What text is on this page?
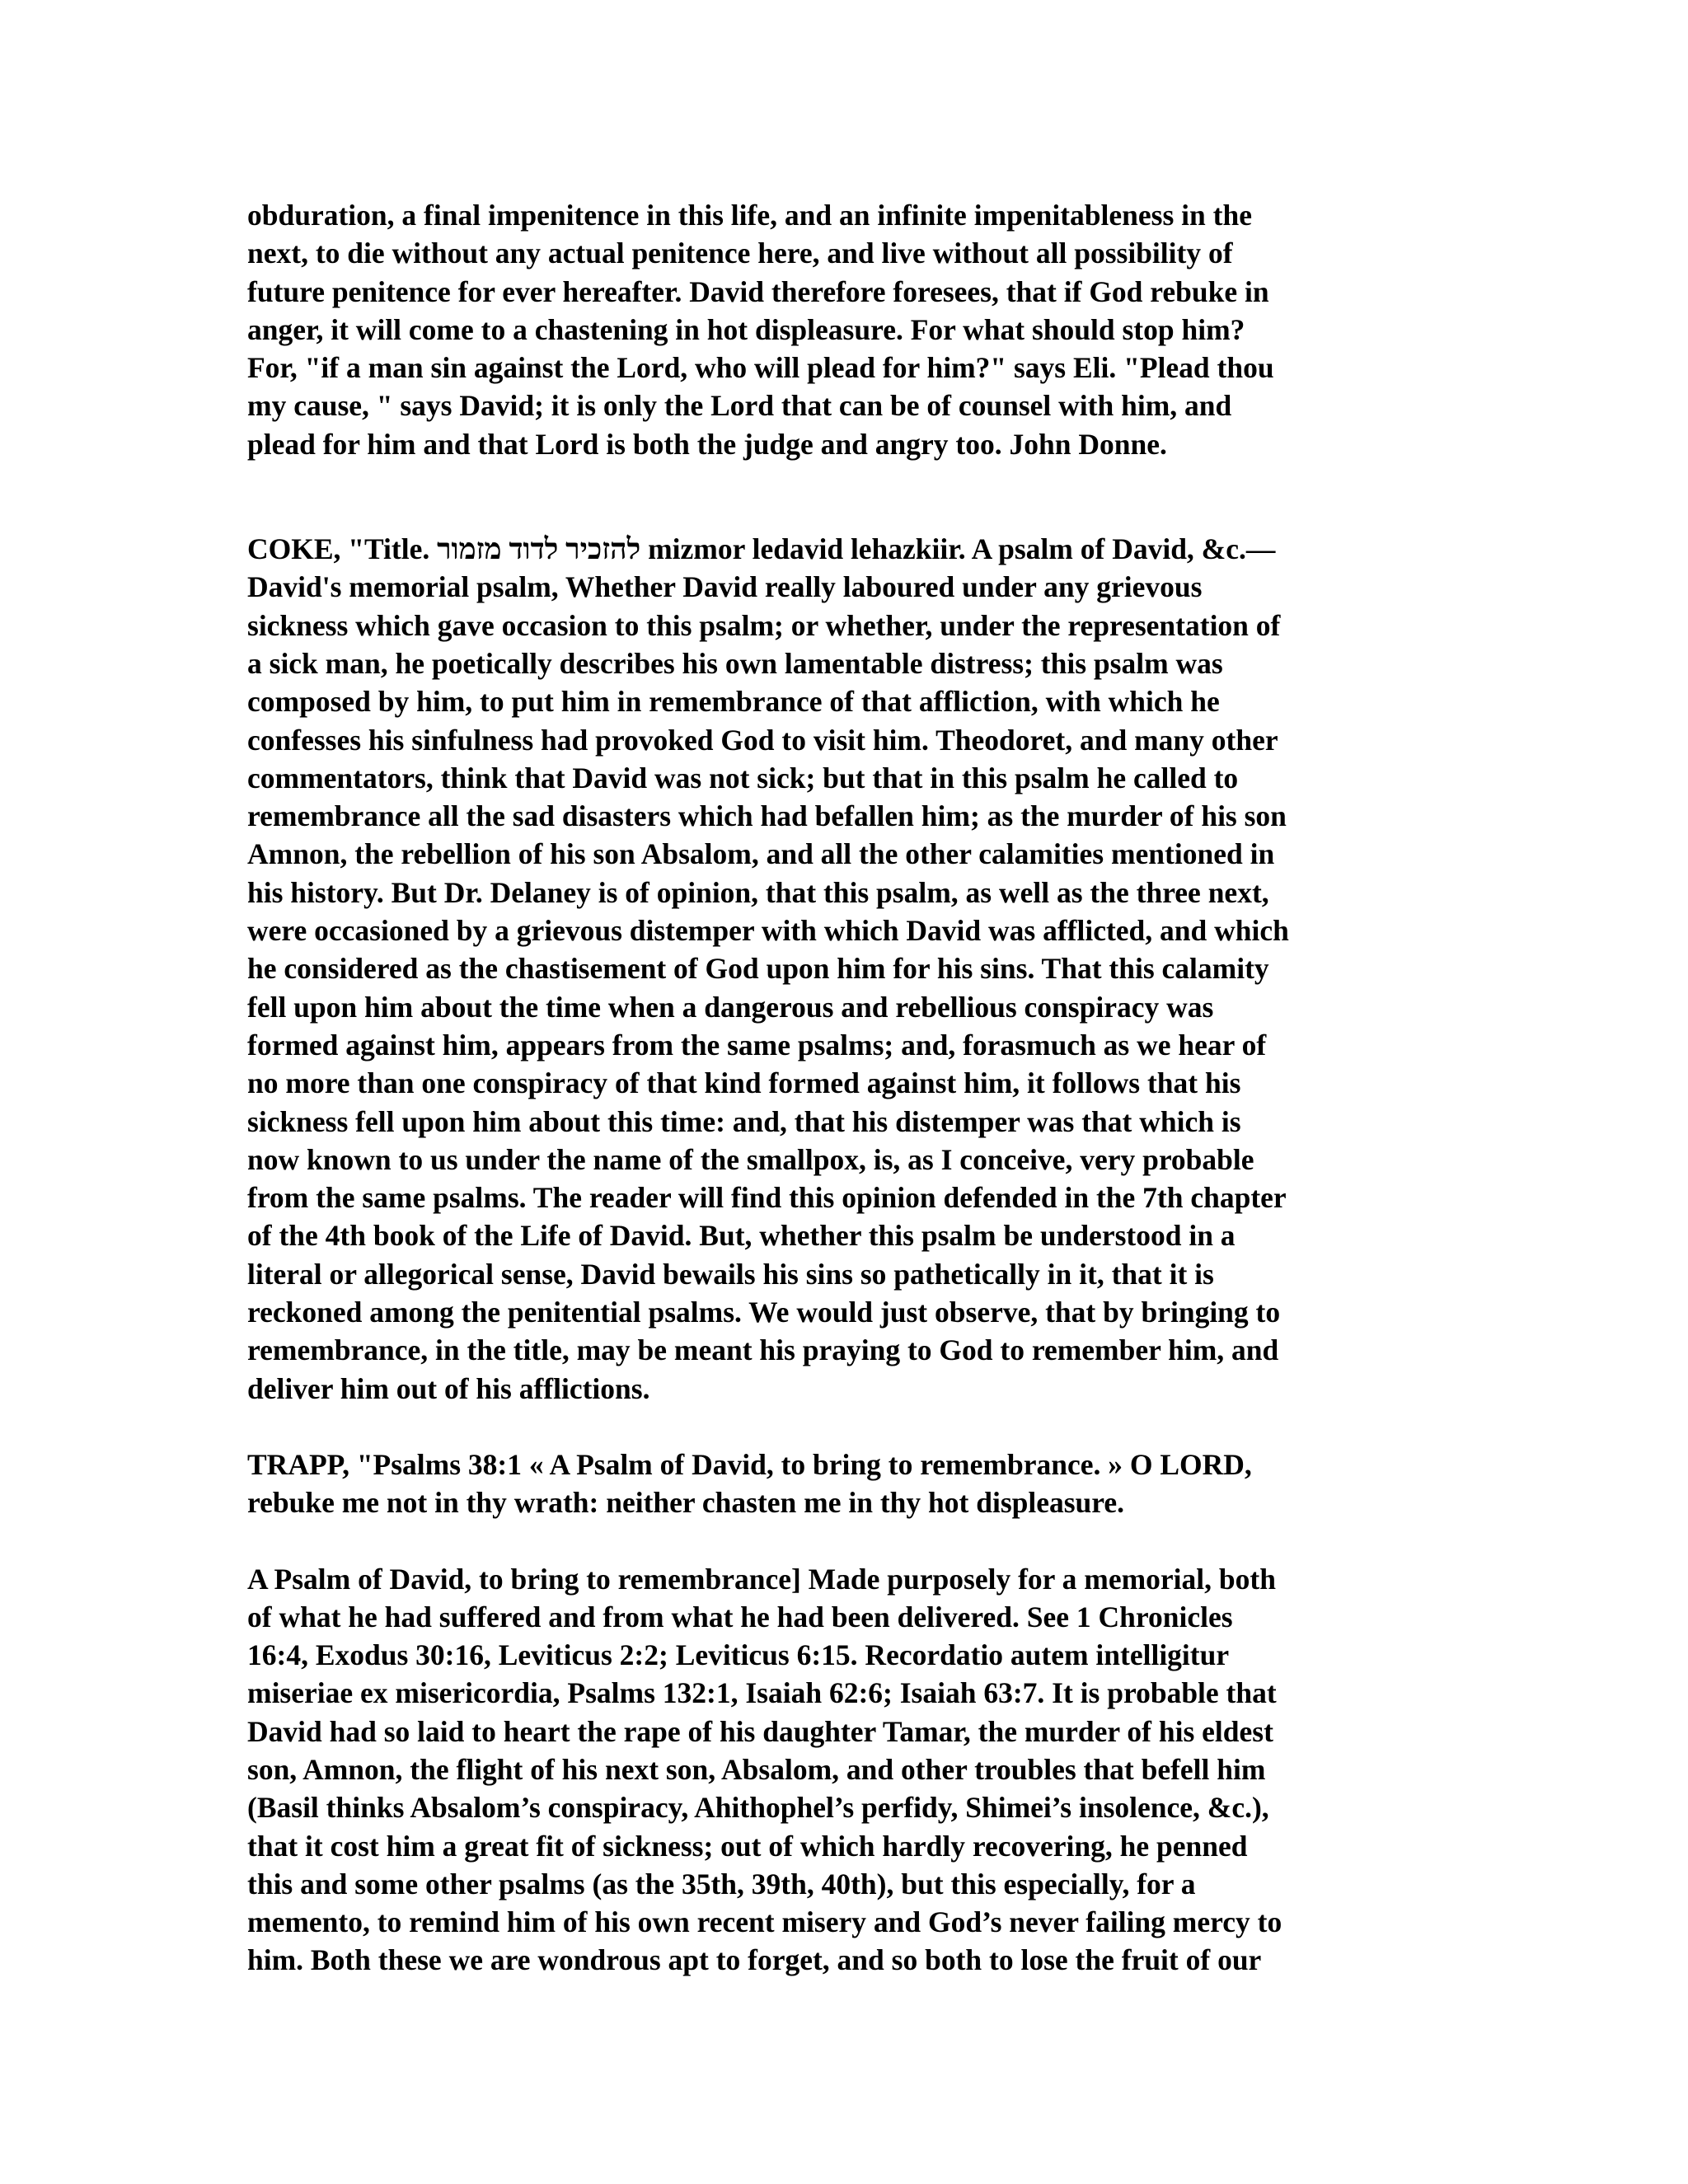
obduration, a final impenitence in this life, and an infinite impenitableness in the
next, to die without any actual penitence here, and live without all possibility of
future penitence for ever hereafter. David therefore foresees, that if God rebuke in
anger, it will come to a chastening in hot displeasure. For what should stop him?
For, "if a man sin against the Lord, who will plead for him?" says Eli. "Plead thou
my cause, " says David; it is only the Lord that can be of counsel with him, and
plead for him and that Lord is both the judge and angry too. John Donne.
COKE, "Title. להזכיר לדוד מזמור mizmor ledavid lehazkiir. A psalm of David, &c.—
David's memorial psalm, Whether David really laboured under any grievous
sickness which gave occasion to this psalm; or whether, under the representation of
a sick man, he poetically describes his own lamentable distress; this psalm was
composed by him, to put him in remembrance of that affliction, with which he
confesses his sinfulness had provoked God to visit him. Theodoret, and many other
commentators, think that David was not sick; but that in this psalm he called to
remembrance all the sad disasters which had befallen him; as the murder of his son
Amnon, the rebellion of his son Absalom, and all the other calamities mentioned in
his history. But Dr. Delaney is of opinion, that this psalm, as well as the three next,
were occasioned by a grievous distemper with which David was afflicted, and which
he considered as the chastisement of God upon him for his sins. That this calamity
fell upon him about the time when a dangerous and rebellious conspiracy was
formed against him, appears from the same psalms; and, forasmuch as we hear of
no more than one conspiracy of that kind formed against him, it follows that his
sickness fell upon him about this time: and, that his distemper was that which is
now known to us under the name of the smallpox, is, as I conceive, very probable
from the same psalms. The reader will find this opinion defended in the 7th chapter
of the 4th book of the Life of David. But, whether this psalm be understood in a
literal or allegorical sense, David bewails his sins so pathetically in it, that it is
reckoned among the penitential psalms. We would just observe, that by bringing to
remembrance, in the title, may be meant his praying to God to remember him, and
deliver him out of his afflictions.
TRAPP, "Psalms 38:1 « A Psalm of David, to bring to remembrance. » O LORD,
rebuke me not in thy wrath: neither chasten me in thy hot displeasure.
A Psalm of David, to bring to remembrance] Made purposely for a memorial, both
of what he had suffered and from what he had been delivered. See 1 Chronicles
16:4, Exodus 30:16, Leviticus 2:2; Leviticus 6:15. Recordatio autem intelligitur
miseriae ex misericordia, Psalms 132:1, Isaiah 62:6; Isaiah 63:7. It is probable that
David had so laid to heart the rape of his daughter Tamar, the murder of his eldest
son, Amnon, the flight of his next son, Absalom, and other troubles that befell him
(Basil thinks Absalom’s conspiracy, Ahithophel’s perfidy, Shimei’s insolence, &c.),
that it cost him a great fit of sickness; out of which hardly recovering, he penned
this and some other psalms (as the 35th, 39th, 40th), but this especially, for a
memento, to remind him of his own recent misery and God’s never failing mercy to
him. Both these we are wondrous apt to forget, and so both to lose the fruit of our
